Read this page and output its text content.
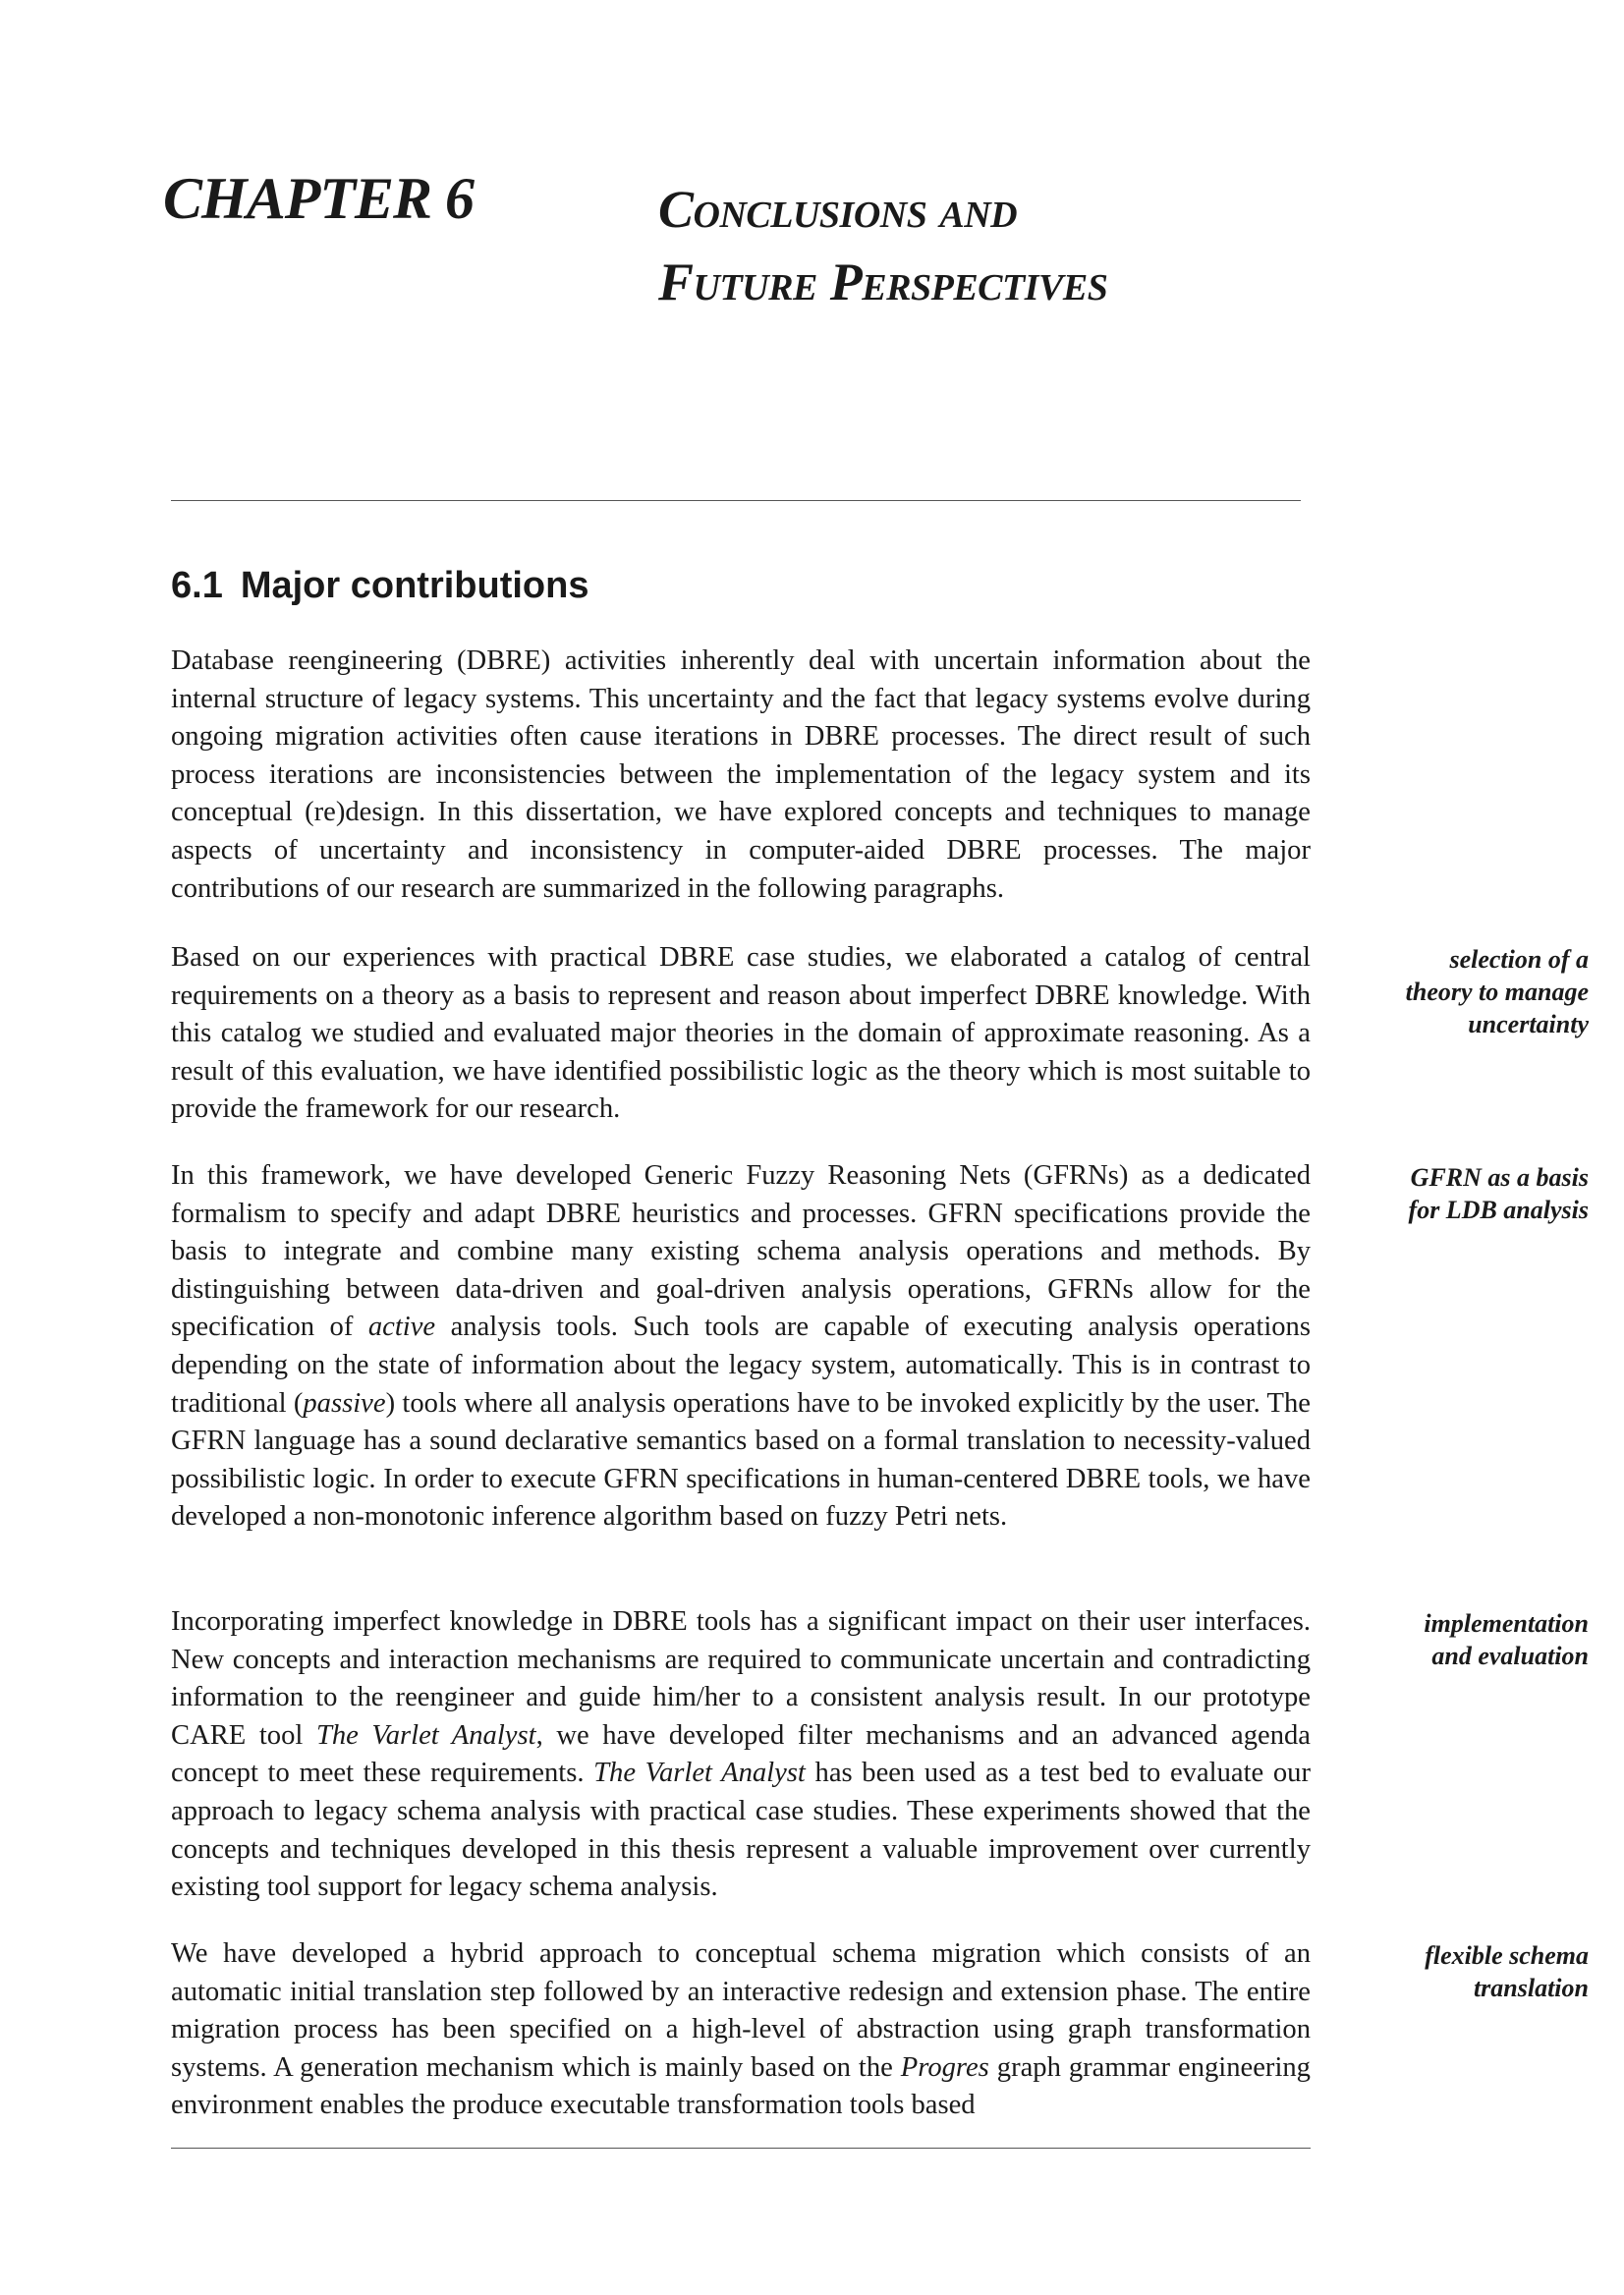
CHAPTER 6	Conclusions and
Future Perspectives
6.1 Major contributions

Database reengineering (DBRE) activities inherently deal with uncertain information about the internal structure of legacy systems. This uncertainty and the fact that legacy systems evolve during ongoing migration activities often cause iterations in DBRE processes. The direct result of such process iterations are inconsistencies between the implementation of the legacy system and its conceptual (re)design. In this dissertation, we have explored concepts and techniques to manage aspects of uncertainty and inconsistency in computer-aided DBRE processes. The major contributions of our research are summarized in the following paragraphs.

Based on our experiences with practical DBRE case studies, we elaborated a catalog of central requirements on a theory as a basis to represent and reason about imperfect DBRE knowledge. With this catalog we studied and evaluated major theories in the domain of approximate reasoning. As a result of this evaluation, we have identified possibilistic logic as the theory which is most suitable to provide the framework for our research.

In this framework, we have developed Generic Fuzzy Reasoning Nets (GFRNs) as a dedicated formalism to specify and adapt DBRE heuristics and processes. GFRN specifications provide the basis to integrate and combine many existing schema analysis operations and methods. By distinguishing between data-driven and goal-driven analysis operations, GFRNs allow for the specification of active analysis tools. Such tools are capable of executing analysis operations depending on the state of information about the legacy system, automatically. This is in contrast to traditional (passive) tools where all analysis operations have to be invoked explicitly by the user. The GFRN language has a sound declarative semantics based on a formal translation to necessity-valued possibilistic logic. In order to execute GFRN specifications in human-centered DBRE tools, we have developed a non-monotonic inference algorithm based on fuzzy Petri nets.

Incorporating imperfect knowledge in DBRE tools has a significant impact on their user interfaces. New concepts and interaction mechanisms are required to communicate uncertain and contradicting information to the reengineer and guide him/her to a consistent analysis result. In our prototype CARE tool The Varlet Analyst, we have developed filter mechanisms and an advanced agenda concept to meet these requirements. The Varlet Analyst has been used as a test bed to evaluate our approach to legacy schema analysis with practical case studies. These experiments showed that the concepts and techniques developed in this thesis represent a valuable improvement over currently existing tool support for legacy schema analysis.

We have developed a hybrid approach to conceptual schema migration which consists of an automatic initial translation step followed by an interactive redesign and extension phase. The entire migration process has been specified on a high-level of abstraction using graph transformation systems. A generation mechanism which is mainly based on the Progres graph grammar engineering environment enables the produce executable transformation tools based

selection of a
theory to manage
uncertainty

GFRN as a basis
for LDB analysis

implementation
and evaluation

flexible schema
translation
